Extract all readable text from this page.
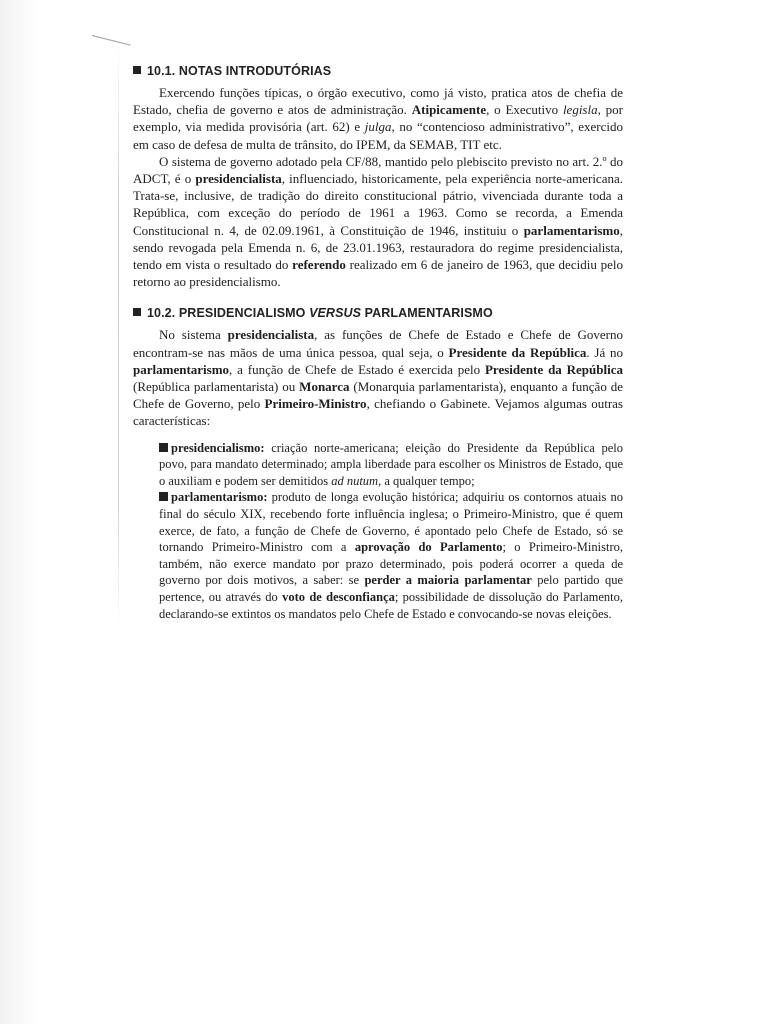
10.1. NOTAS INTRODUTÓRIAS

Exercendo funções típicas, o órgão executivo, como já visto, pratica atos de chefia de Estado, chefia de governo e atos de administração. Atipicamente, o Executivo legisla, por exemplo, via medida provisória (art. 62) e julga, no “contencioso administrativo”, exercido em caso de defesa de multa de trânsito, do IPEM, da SEMAB, TIT etc.

O sistema de governo adotado pela CF/88, mantido pelo plebiscito previsto no art. 2.º do ADCT, é o presidencialista, influenciado, historicamente, pela experiência norte-americana. Trata-se, inclusive, de tradição do direito constitucional pátrio, vivenciada durante toda a República, com exceção do período de 1961 a 1963. Como se recorda, a Emenda Constitucional n. 4, de 02.09.1961, à Constituição de 1946, instituiu o parlamentarismo, sendo revogada pela Emenda n. 6, de 23.01.1963, restauradora do regime presidencialista, tendo em vista o resultado do referendo realizado em 6 de janeiro de 1963, que decidiu pelo retorno ao presidencialismo.

10.2. PRESIDENCIALISMO VERSUS PARLAMENTARISMO

No sistema presidencialista, as funções de Chefe de Estado e Chefe de Governo encontram-se nas mãos de uma única pessoa, qual seja, o Presidente da República. Já no parlamentarismo, a função de Chefe de Estado é exercida pelo Presidente da República (República parlamentarista) ou Monarca (Monarquia parlamentarista), enquanto a função de Chefe de Governo, pelo Primeiro-Ministro, chefiando o Gabinete. Vejamos algumas outras características:

presidencialismo: criação norte-americana; eleição do Presidente da República pelo povo, para mandato determinado; ampla liberdade para escolher os Ministros de Estado, que o auxiliam e podem ser demitidos ad nutum, a qualquer tempo;

parlamentarismo: produto de longa evolução histórica; adquiriu os contornos atuais no final do século XIX, recebendo forte influência inglesa; o Primeiro-Ministro, que é quem exerce, de fato, a função de Chefe de Governo, é apontado pelo Chefe de Estado, só se tornando Primeiro-Ministro com a aprovação do Parlamento; o Primeiro-Ministro, também, não exerce mandato por prazo determinado, pois poderá ocorrer a queda de governo por dois motivos, a saber: se perder a maioria parlamentar pelo partido que pertence, ou através do voto de desconfiança; possibilidade de dissolução do Parlamento, declarando-se extintos os mandatos pelo Chefe de Estado e convocando-se novas eleições.
